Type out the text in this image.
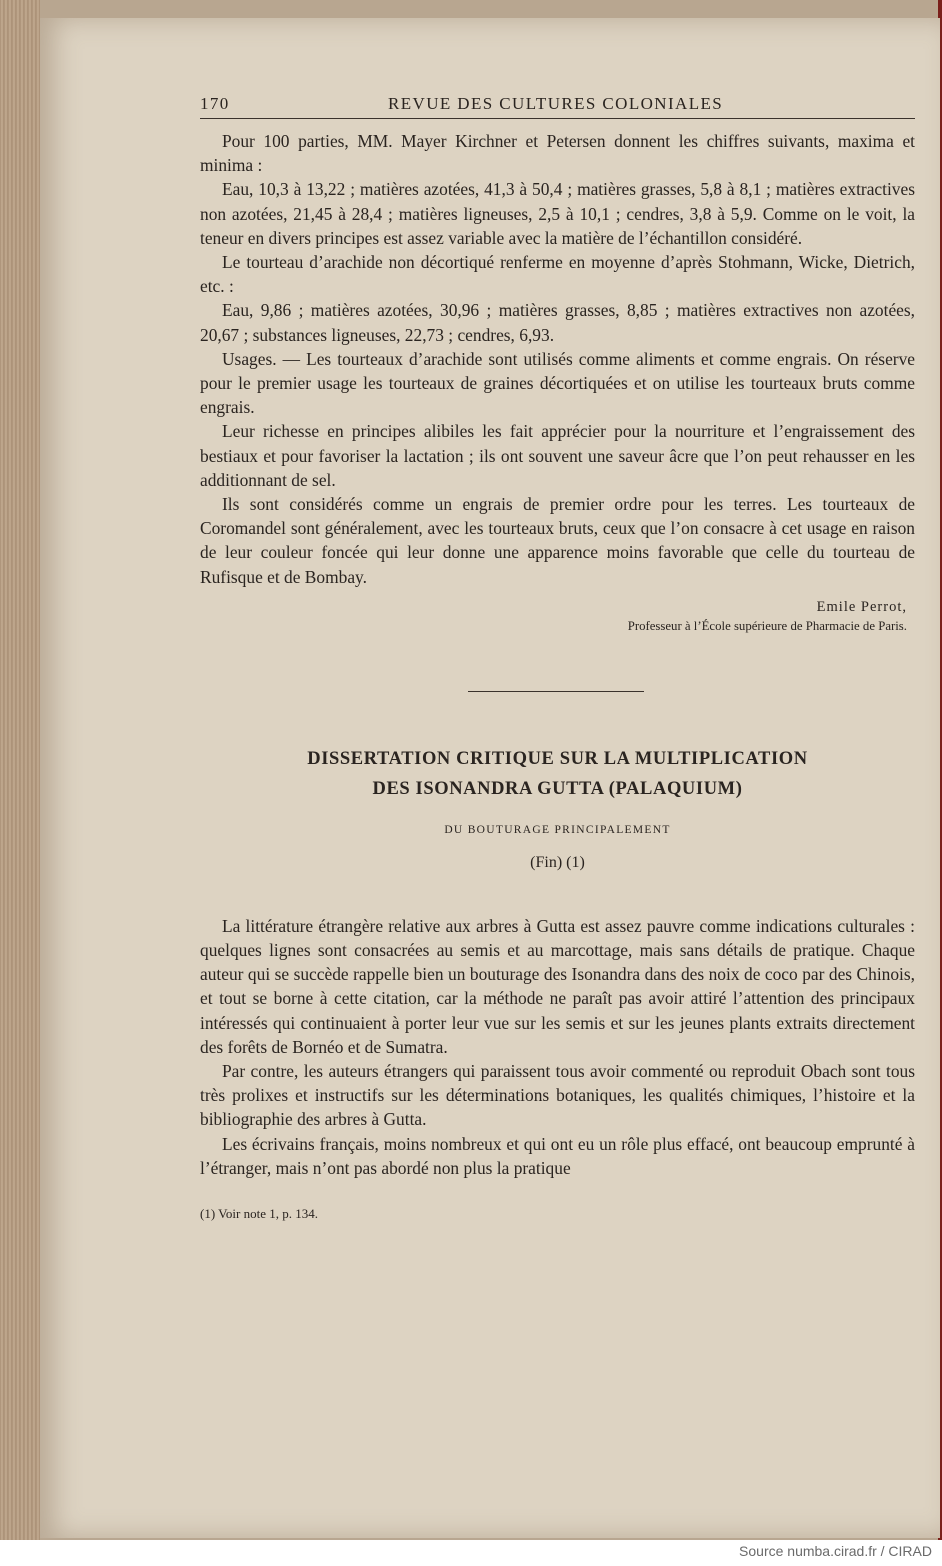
170	REVUE DES CULTURES COLONIALES

Pour 100 parties, MM. Mayer Kirchner et Petersen donnent les chiffres suivants, maxima et minima :

Eau, 10,3 à 13,22 ; matières azotées, 41,3 à 50,4 ; matières grasses, 5,8 à 8,1 ; matières extractives non azotées, 21,45 à 28,4 ; matières ligneuses, 2,5 à 10,1 ; cendres, 3,8 à 5,9. Comme on le voit, la teneur en divers principes est assez variable avec la matière de l’échantillon considéré.

Le tourteau d’arachide non décortiqué renferme en moyenne d’après Stohmann, Wicke, Dietrich, etc. :

Eau, 9,86 ; matières azotées, 30,96 ; matières grasses, 8,85 ; matières extractives non azotées, 20,67 ; substances ligneuses, 22,73 ; cendres, 6,93.

Usages. — Les tourteaux d’arachide sont utilisés comme aliments et comme engrais. On réserve pour le premier usage les tourteaux de graines décortiquées et on utilise les tourteaux bruts comme engrais.

Leur richesse en principes alibiles les fait apprécier pour la nourriture et l’engraissement des bestiaux et pour favoriser la lactation ; ils ont souvent une saveur âcre que l’on peut rehausser en les additionnant de sel.

Ils sont considérés comme un engrais de premier ordre pour les terres. Les tourteaux de Coromandel sont généralement, avec les tourteaux bruts, ceux que l’on consacre à cet usage en raison de leur couleur foncée qui leur donne une apparence moins favorable que celle du tourteau de Rufisque et de Bombay.

Emile Perrot,
Professeur à l’École supérieure de Pharmacie de Paris.
DISSERTATION CRITIQUE SUR LA MULTIPLICATION
DES ISONANDRA GUTTA (PALAQUIUM)
DU BOUTURAGE PRINCIPALEMENT
(Fin) (1)

La littérature étrangère relative aux arbres à Gutta est assez pauvre comme indications culturales : quelques lignes sont consacrées au semis et au marcottage, mais sans détails de pratique. Chaque auteur qui se succède rappelle bien un bouturage des Isonandra dans des noix de coco par des Chinois, et tout se borne à cette citation, car la méthode ne paraît pas avoir attiré l’attention des principaux intéressés qui continuaient à porter leur vue sur les semis et sur les jeunes plants extraits directement des forêts de Bornéo et de Sumatra.

Par contre, les auteurs étrangers qui paraissent tous avoir commenté ou reproduit Obach sont tous très prolixes et instructifs sur les déterminations botaniques, les qualités chimiques, l’histoire et la bibliographie des arbres à Gutta.

Les écrivains français, moins nombreux et qui ont eu un rôle plus effacé, ont beaucoup emprunté à l’étranger, mais n’ont pas abordé non plus la pratique

(1) Voir note 1, p. 134.
Source numba.cirad.fr / CIRAD
